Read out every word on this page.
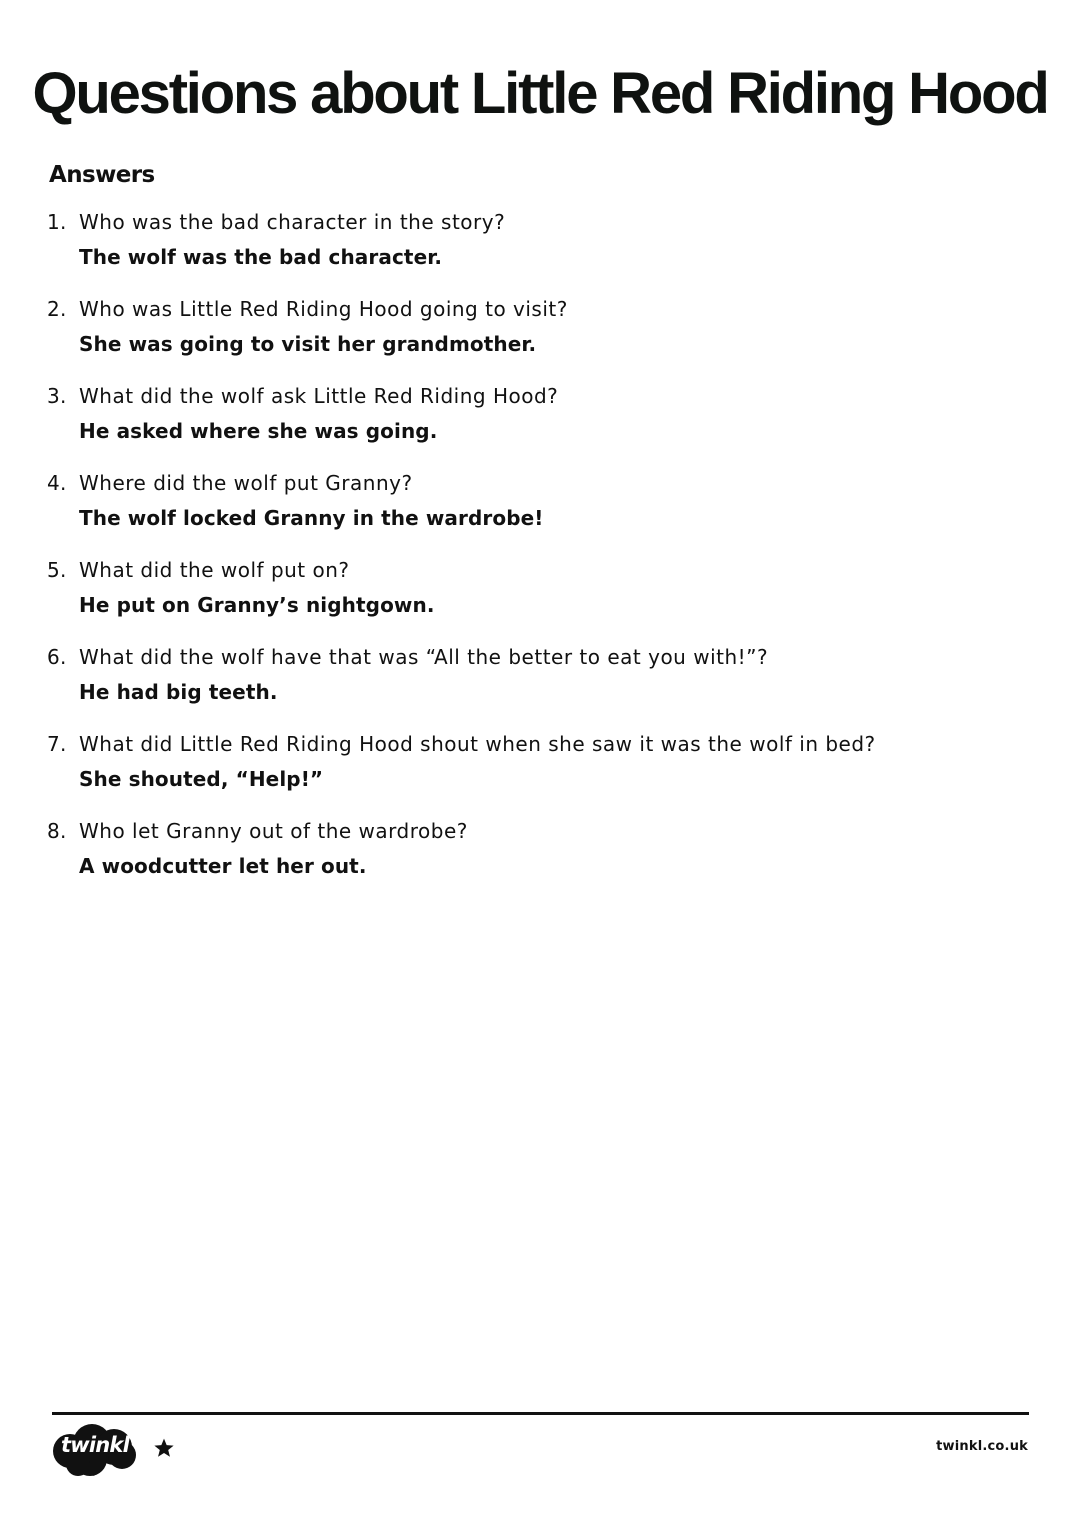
Questions about Little Red Riding Hood
Answers
1. Who was the bad character in the story?
The wolf was the bad character.
2. Who was Little Red Riding Hood going to visit?
She was going to visit her grandmother.
3. What did the wolf ask Little Red Riding Hood?
He asked where she was going.
4. Where did the wolf put Granny?
The wolf locked Granny in the wardrobe!
5. What did the wolf put on?
He put on Granny’s nightgown.
6. What did the wolf have that was “All the better to eat you with!”?
He had big teeth.
7. What did Little Red Riding Hood shout when she saw it was the wolf in bed?
She shouted, “Help!”
8. Who let Granny out of the wardrobe?
A woodcutter let her out.
twinkl	twinkl.co.uk
